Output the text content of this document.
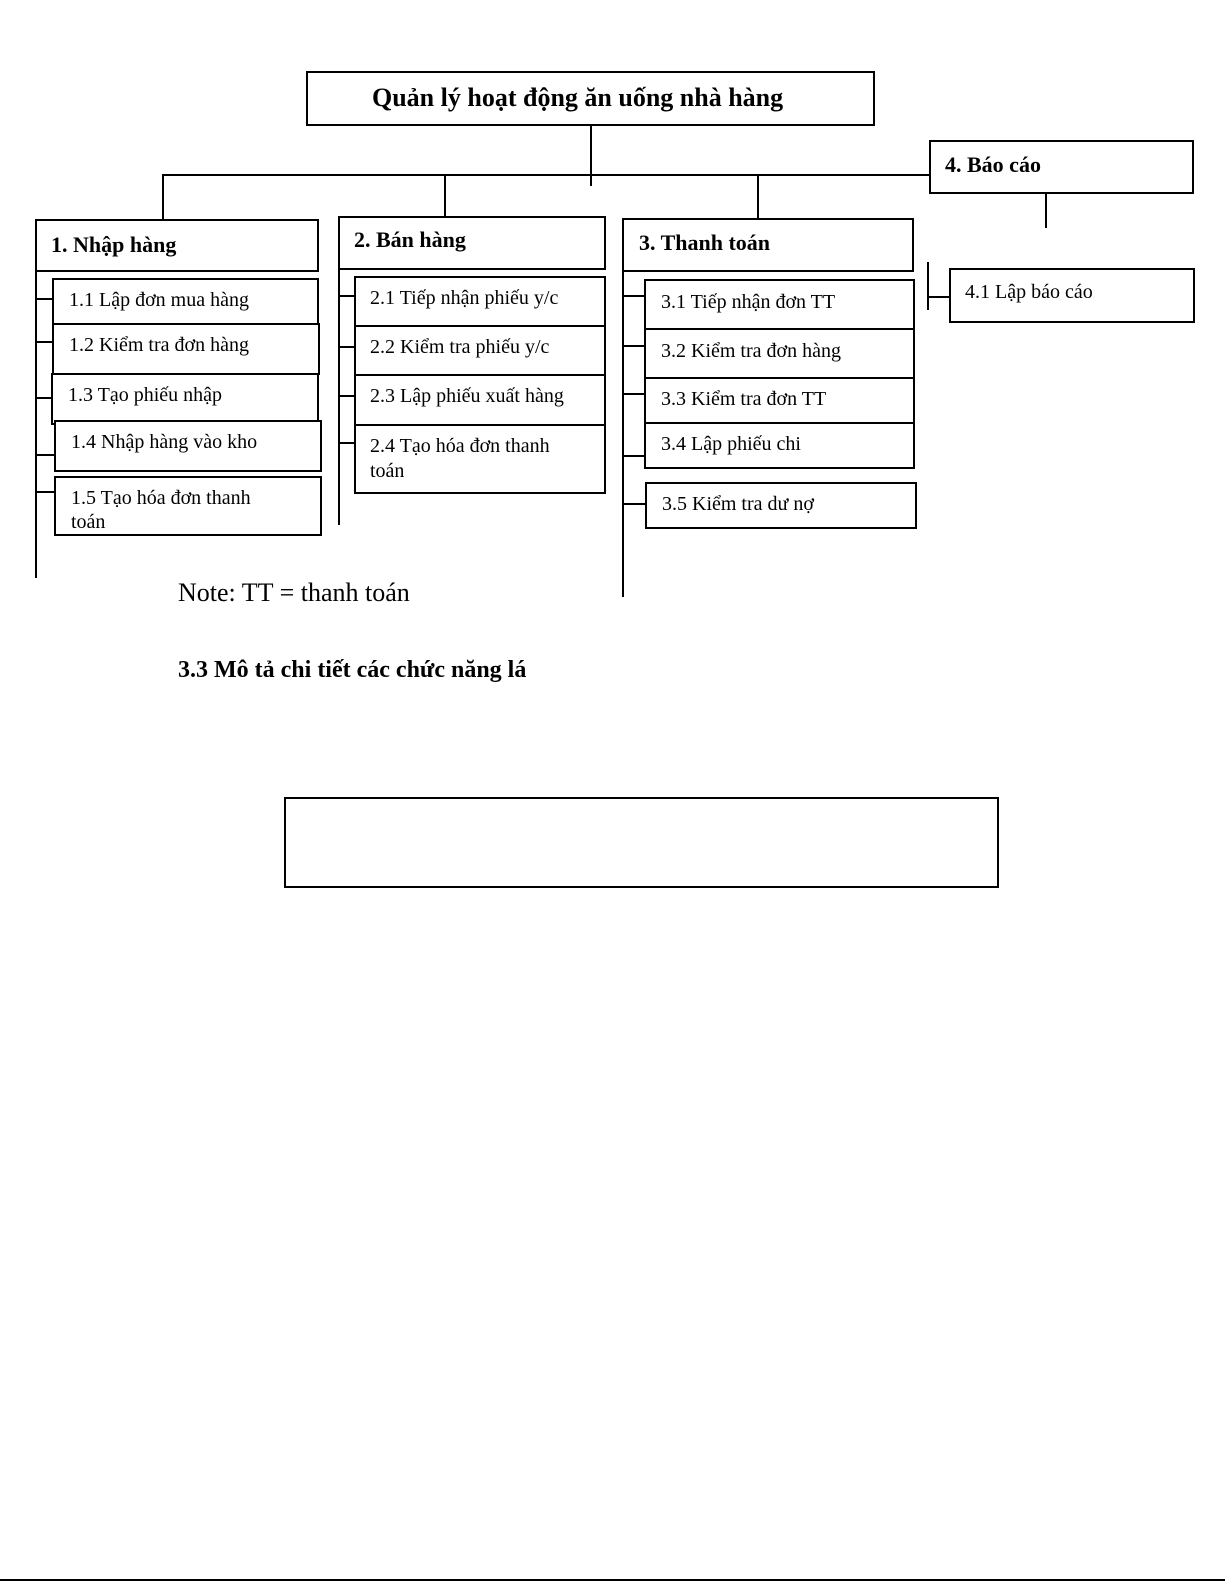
Quản lý hoạt động ăn uống nhà hàng
1. Nhập hàng	2. Bán hàng	3. Thanh toán
4. Báo cáo
1.1 Lập đơn mua hàng
1.2 Kiểm tra đơn hàng
1.3 Tạo phiếu nhập
1.4 Nhập hàng vào kho
1.5 Tạo hóa đơn thanh
toán
2.1 Tiếp nhận phiếu y/c
2.2 Kiểm tra phiếu y/c
2.3 Lập phiếu xuất hàng
2.4 Tạo hóa đơn thanh
toán
3.1 Tiếp nhận đơn TT
3.2 Kiểm tra đơn hàng
3.3 Kiểm tra đơn TT
3.4 Lập phiếu chi
3.5 Kiểm tra dư nợ
4.1 Lập báo cáo
Note: TT = thanh toán
3.3 Mô tả chi tiết các chức năng lá
